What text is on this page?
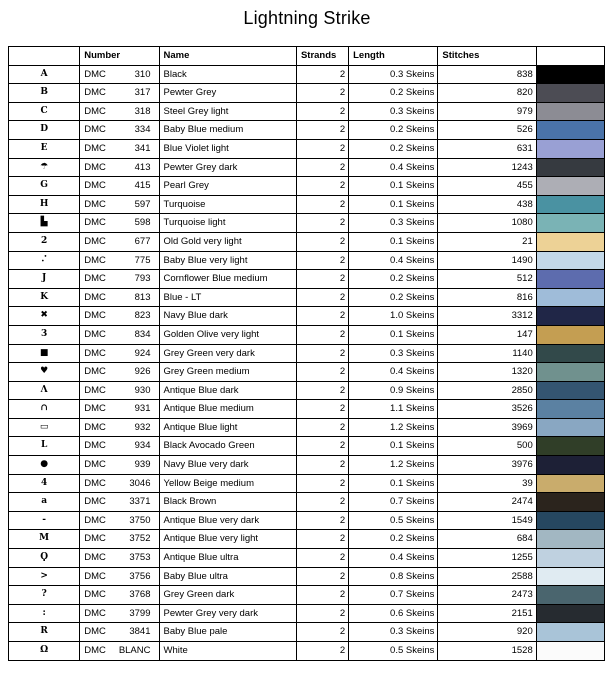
Lightning Strike
	Number	Name	Strands	Length	Stitches	
A	DMC 310	Black	2	0.3 Skeins	838	
B	DMC 317	Pewter Grey	2	0.2 Skeins	820	
C	DMC 318	Steel Grey light	2	0.3 Skeins	979	
D	DMC 334	Baby Blue medium	2	0.2 Skeins	526	
E	DMC 341	Blue Violet light	2	0.2 Skeins	631	
☂	DMC 413	Pewter Grey dark	2	0.4 Skeins	1243	
G	DMC 415	Pearl Grey	2	0.1 Skeins	455	
H	DMC 597	Turquoise	2	0.1 Skeins	438	
▙	DMC 598	Turquoise light	2	0.3 Skeins	1080	
2	DMC 677	Old Gold very light	2	0.1 Skeins	21	
⠌	DMC 775	Baby Blue very light	2	0.4 Skeins	1490	
J	DMC 793	Cornflower Blue medium	2	0.2 Skeins	512	
K	DMC 813	Blue - LT	2	0.2 Skeins	816	
✖	DMC 823	Navy Blue dark	2	1.0 Skeins	3312	
3	DMC 834	Golden Olive very light	2	0.1 Skeins	147	
■	DMC 924	Grey Green very dark	2	0.3 Skeins	1140	
♥	DMC 926	Grey Green medium	2	0.4 Skeins	1320	
Λ	DMC 930	Antique Blue dark	2	0.9 Skeins	2850	
∩	DMC 931	Antique Blue medium	2	1.1 Skeins	3526	
▭	DMC 932	Antique Blue light	2	1.2 Skeins	3969	
L	DMC 934	Black Avocado Green	2	0.1 Skeins	500	
●	DMC 939	Navy Blue very dark	2	1.2 Skeins	3976	
4	DMC 3046	Yellow Beige medium	2	0.1 Skeins	39	
a	DMC 3371	Black Brown	2	0.7 Skeins	2474	
-	DMC 3750	Antique Blue very dark	2	0.5 Skeins	1549	
M	DMC 3752	Antique Blue very light	2	0.2 Skeins	684	
Ϙ	DMC 3753	Antique Blue ultra	2	0.4 Skeins	1255	
>	DMC 3756	Baby Blue ultra	2	0.8 Skeins	2588	
?	DMC 3768	Grey Green dark	2	0.7 Skeins	2473	
:	DMC 3799	Pewter Grey very dark	2	0.6 Skeins	2151	
R	DMC 3841	Baby Blue pale	2	0.3 Skeins	920	
Ω	DMC BLANC	White	2	0.5 Skeins	1528	
